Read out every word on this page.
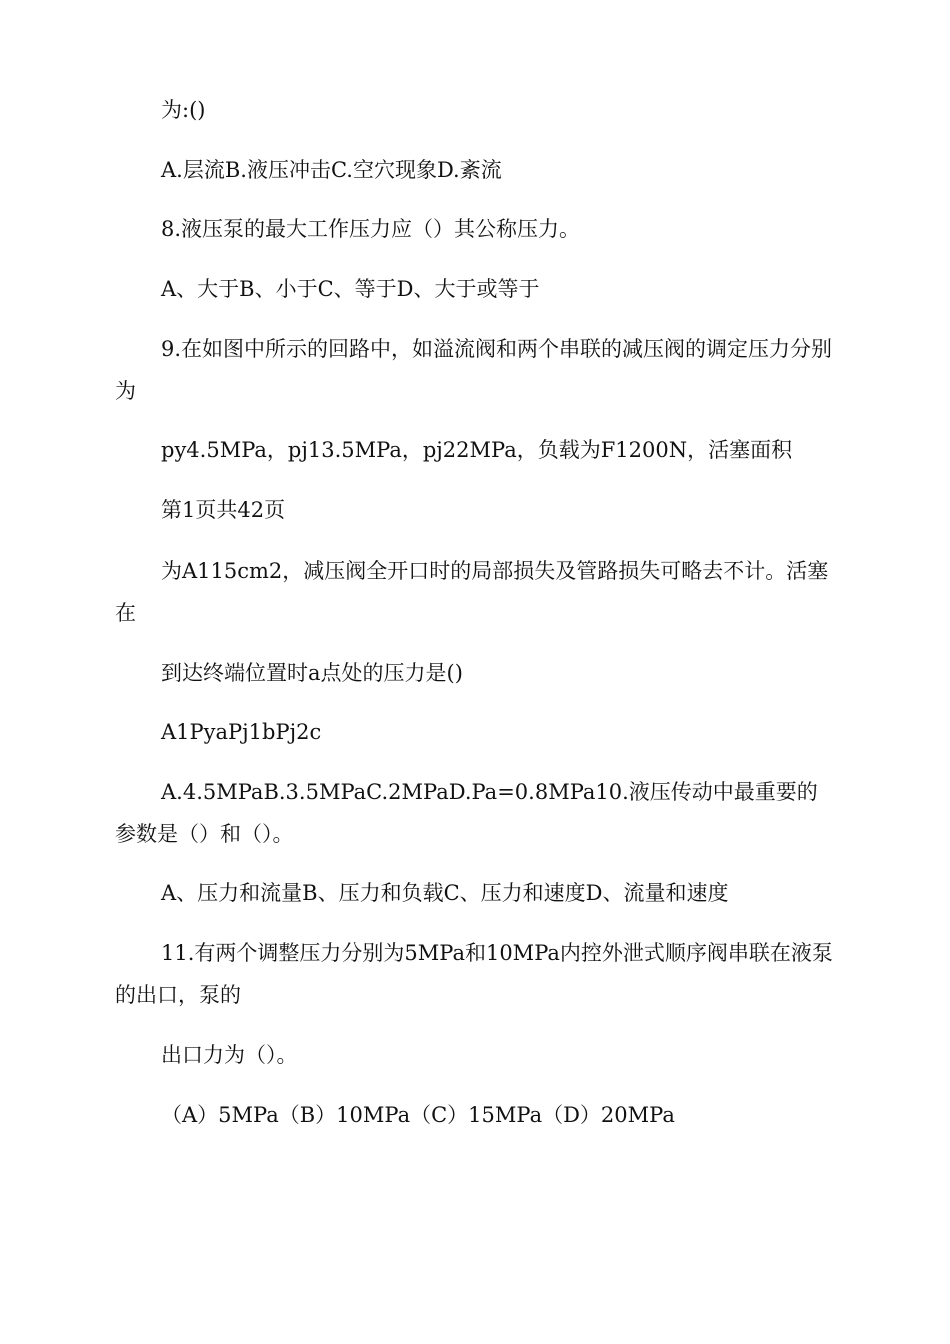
为:()

A.层流B.液压冲击C.空穴现象D.紊流

8.液压泵的最大工作压力应（）其公称压力。

A、大于B、小于C、等于D、大于或等于

9.在如图中所示的回路中，如溢流阀和两个串联的减压阀的调定压力分别为

py4.5MPa，pj13.5MPa，pj22MPa，负载为F1200N，活塞面积

第1页共42页

为A115cm2，减压阀全开口时的局部损失及管路损失可略去不计。活塞在

到达终端位置时a点处的压力是()

A1PyaPj1bPj2c

A.4.5MPaB.3.5MPaC.2MPaD.Pa=0.8MPa10.液压传动中最重要的参数是（）和（）。

A、压力和流量B、压力和负载C、压力和速度D、流量和速度

11.有两个调整压力分别为5MPa和10MPa内控外泄式顺序阀串联在液泵的出口，泵的

出口力为（）。

（A）5MPa（B）10MPa（C）15MPa（D）20MPa
